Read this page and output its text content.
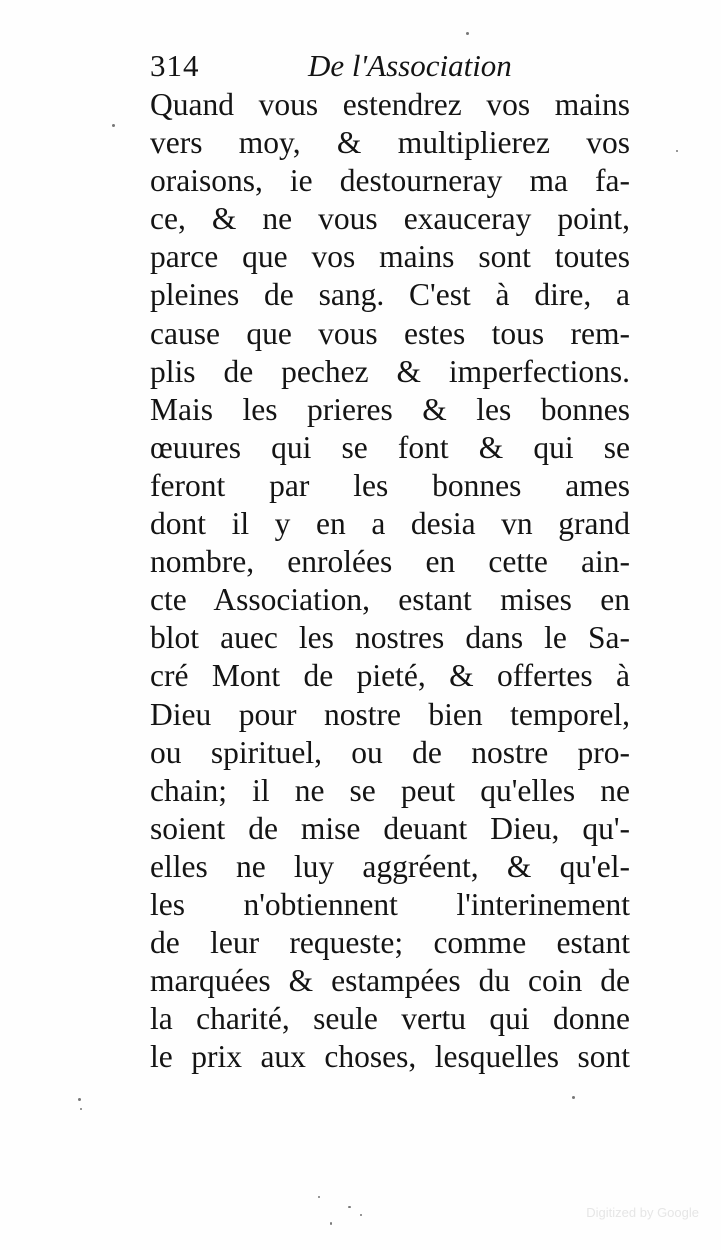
314	De l'Association
Quand vous estendrez vos mains
vers moy, & multiplierez vos
oraisons, ie destourneray ma fa-
ce, & ne vous exauceray point,
parce que vos mains sont toutes
pleines de sang. C'est à dire, a
cause que vous estes tous rem-
plis de pechez & imperfections.
Mais les prieres & les bonnes
œuures qui se font & qui se
feront par les bonnes ames
dont il y en a desia vn grand
nombre, enrolées en cette ain-
cte Association, estant mises en
blot auec les nostres dans le Sa-
cré Mont de pieté, & offertes à
Dieu pour nostre bien temporel,
ou spirituel, ou de nostre pro-
chain; il ne se peut qu'elles ne
soient de mise deuant Dieu, qu'-
elles ne luy aggréent, & qu'el-
les n'obtiennent l'interinement
de leur requeste; comme estant
marquées & estampées du coin de
la charité, seule vertu qui donne
le prix aux choses, lesquelles sont
Digitized by Google
